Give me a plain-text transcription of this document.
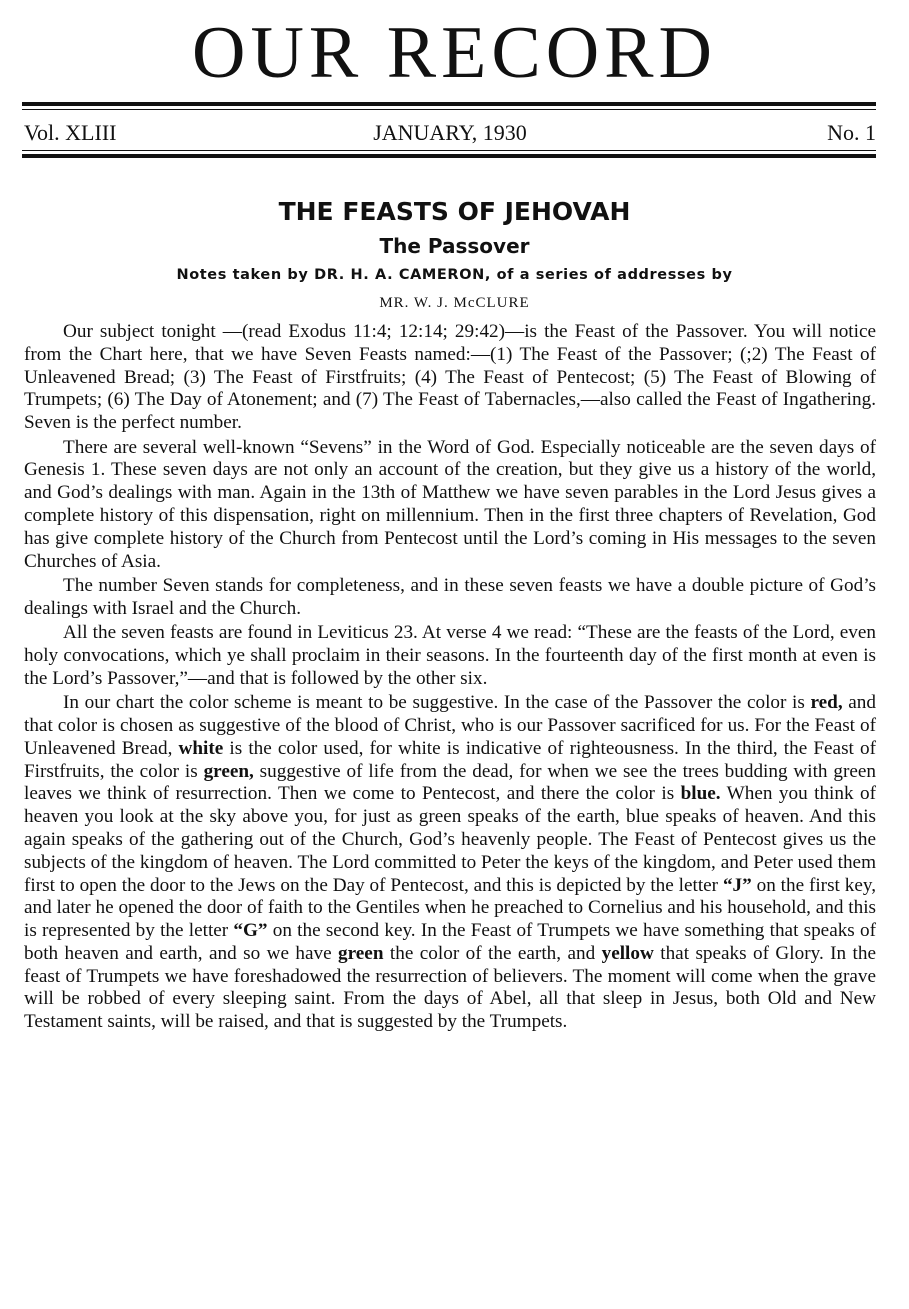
OUR RECORD
JANUARY, 1930
Vol. XLIII	No. 1
THE FEASTS OF JEHOVAH
The Passover
Notes taken by DR. H. A. CAMERON, of a series of addresses by
MR. W. J. McCLURE

Our subject tonight —(read Exodus 11:4; 12:14; 29:42)—is the Feast of the Passover. You will notice from the Chart here, that we have Seven Feasts named:—(1) The Feast of the Passover; (;2) The Feast of Unleavened Bread; (3) The Feast of Firstfruits; (4) The Feast of Pentecost; (5) The Feast of Blowing of Trumpets; (6) The Day of Atonement; and (7) The Feast of Tabernacles,—also called the Feast of Ingathering. Seven is the perfect number.

There are several well-known “Sevens” in the Word of God. Especially noticeable are the seven days of Genesis 1. These seven days are not only an account of the creation, but they give us a history of the world, and God’s dealings with man. Again in the 13th of Matthew we have seven parables in the Lord Jesus gives a complete history of this dispensation, right on millennium. Then in the first three chapters of Revelation, God has give complete history of the Church from Pentecost until the Lord’s coming in His messages to the seven Churches of Asia.

The number Seven stands for completeness, and in these seven feasts we have a double picture of God’s dealings with Israel and the Church.

All the seven feasts are found in Leviticus 23. At verse 4 we read: “These are the feasts of the Lord, even holy convocations, which ye shall proclaim in their seasons. In the fourteenth day of the first month at even is the Lord’s Passover,”—and that is followed by the other six.

In our chart the color scheme is meant to be suggestive. In the case of the Passover the color is red, and that color is chosen as suggestive of the blood of Christ, who is our Passover sacrificed for us. For the Feast of Unleavened Bread, white is the color used, for white is indicative of righteousness. In the third, the Feast of Firstfruits, the color is green, suggestive of life from the dead, for when we see the trees budding with green leaves we think of resurrection. Then we come to Pentecost, and there the color is blue. When you think of heaven you look at the sky above you, for just as green speaks of the earth, blue speaks of heaven. And this again speaks of the gathering out of the Church, God’s heavenly people. The Feast of Pentecost gives us the subjects of the kingdom of heaven. The Lord committed to Peter the keys of the kingdom, and Peter used them first to open the door to the Jews on the Day of Pentecost, and this is depicted by the letter “J” on the first key, and later he opened the door of faith to the Gentiles when he preached to Cornelius and his household, and this is represented by the letter “G” on the second key. In the Feast of Trumpets we have something that speaks of both heaven and earth, and so we have green the color of the earth, and yellow that speaks of Glory. In the feast of Trumpets we have foreshadowed the resurrection of believers. The moment will come when the grave will be robbed of every sleeping saint. From the days of Abel, all that sleep in Jesus, both Old and New Testament saints, will be raised, and that is suggested by the Trumpets.
